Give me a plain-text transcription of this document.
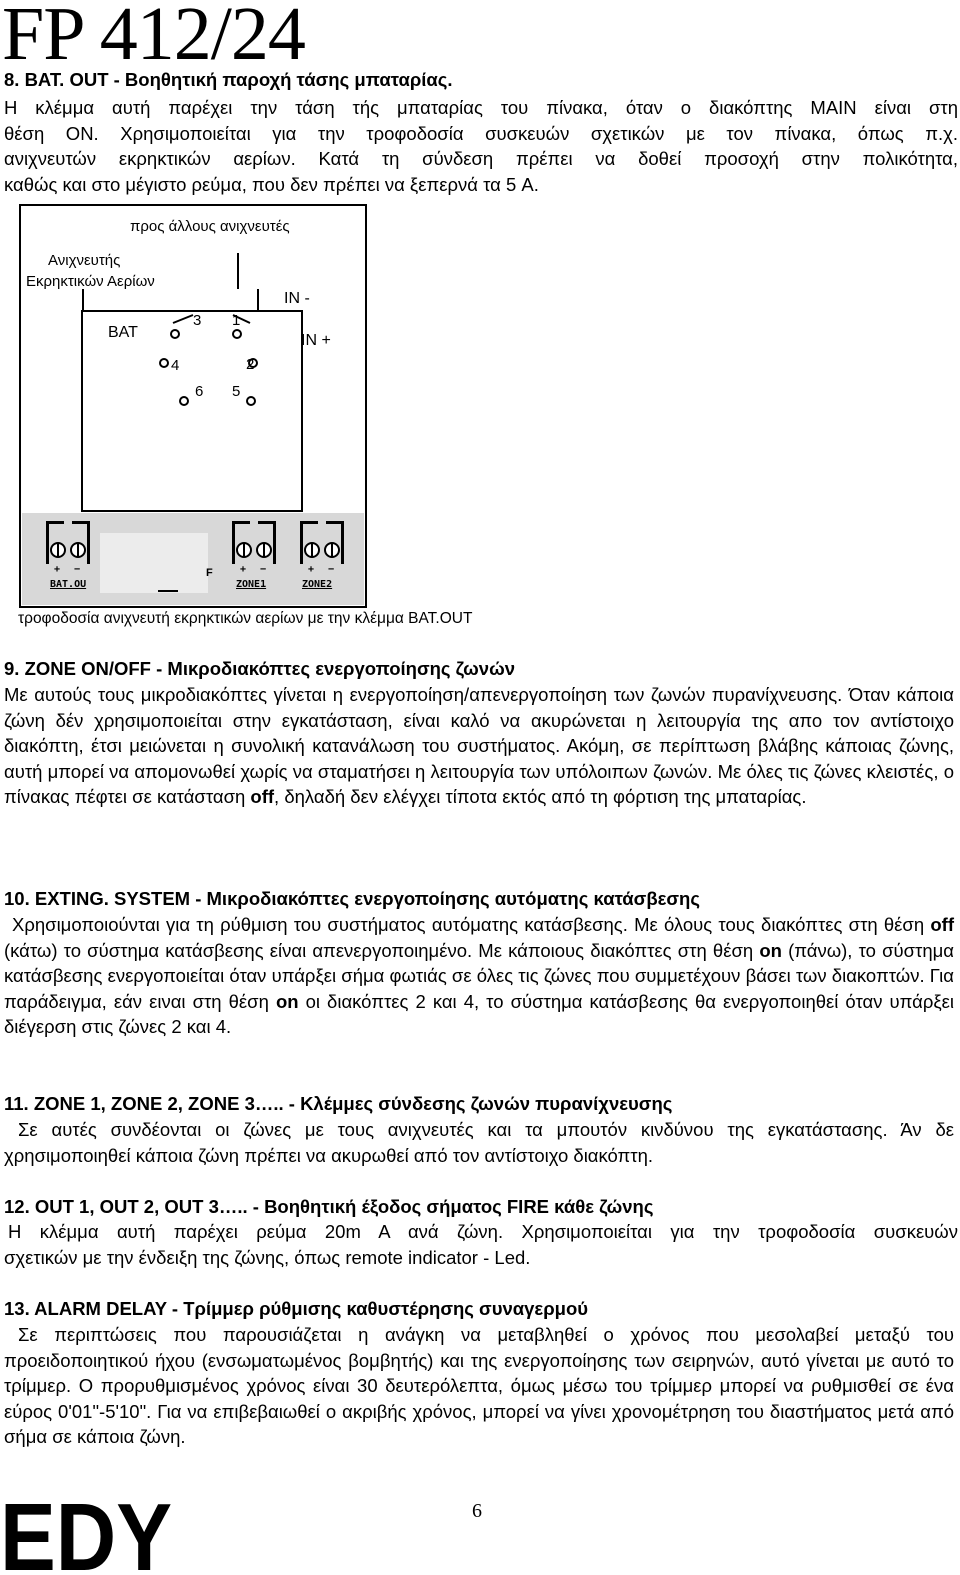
FP 412/24
8. BAT. OUT - Βοηθητική παροχή τάσης μπαταρίας.
Η κλέμμα αυτή παρέχει την τάση τής μπαταρίας του πίνακα, όταν ο διακόπτης MAIN είναι στη
θέση ON. Χρησιμοποιείται για την τροφοδοσία συσκευών σχετικών με τον πίνακα, όπως π.χ.
ανιχνευτών εκρηκτικών αερίων. Κατά τη σύνδεση πρέπει να δοθεί προσοχή στην πολικότητα,
καθώς και στο μέγιστο ρεύμα, που δεν πρέπει να ξεπερνά τα 5 A.
προς άλλους ανιχνευτές
Ανιχνευτής
Εκρηκτικών Αερίων
BAT
IN -
IN +
3 1
4	2
6 5
F
+ −
BAT.OU
+ −
ZONE1
+ −
ZONE2
τροφοδοσία ανιχνευτή εκρηκτικών αερίων με την κλέμμα BAT.OUT
9. ZONE ON/OFF - Μικροδιακόπτες ενεργοποίησης ζωνών

Με αυτούς τους μικροδιακόπτες γίνεται η ενεργοποίηση/απενεργοποίηση των ζωνών πυρανίχνευσης. Όταν κάποια ζώνη δέν χρησιμοποιείται στην εγκατάσταση, είναι καλό να ακυρώνεται η λειτουργία της απο τον αντίστοιχο διακόπτη, έτσι μειώνεται η συνολική κατανάλωση του συστήματος. Ακόμη, σε περίπτωση βλάβης κάποιας ζώνης, αυτή μπορεί να απομονωθεί χωρίς να σταματήσει η λειτουργία των υπόλοιπων ζωνών. Με όλες τις ζώνες κλειστές, ο πίνακας πέφτει σε κατάσταση off, δηλαδή δεν ελέγχει τίποτα εκτός από τη φόρτιση της μπαταρίας.

10. EXTING. SYSTEM - Μικροδιακόπτες ενεργοποίησης αυτόματης κατάσβεσης

Χρησιμοποιούνται για τη ρύθμιση του συστήματος αυτόματης κατάσβεσης. Με όλους τους διακόπτες στη θέση off (κάτω) το σύστημα κατάσβεσης είναι απενεργοποιημένο. Με κάποιους διακόπτες στη θέση on (πάνω), το σύστημα κατάσβεσης ενεργοποιείται όταν υπάρξει σήμα φωτιάς σε όλες τις ζώνες που συμμετέχουν βάσει των διακοπτών. Για παράδειγμα, εάν ειναι στη θέση on οι διακόπτες 2 και 4, το σύστημα κατάσβεσης θα ενεργοποιηθεί όταν υπάρξει διέγερση στις ζώνες 2 και 4.

11. ZONE 1, ZONE 2, ZONE 3….. - Κλέμμες σύνδεσης ζωνών πυρανίχνευσης

Σε αυτές συνδέονται οι ζώνες με τους ανιχνευτές και τα μπουτόν κινδύνου της εγκατάστασης. Άν δε χρησιμοποιηθεί κάποια ζώνη πρέπει να ακυρωθεί από τον αντίστοιχο διακόπτη.

12. OUT 1, OUT 2, OUT 3….. - Βοηθητική έξοδος σήματος FIRE κάθε ζώνης
Η κλέμμα αυτή παρέχει ρεύμα 20m A ανά ζώνη. Χρησιμοποιείται για την τροφοδοσία συσκευών
σχετικών με την ένδειξη της ζώνης, όπως remote indicator - Led.
13. ALARM DELAY - Τρίμμερ ρύθμισης καθυστέρησης συναγερμού

Σε περιπτώσεις που παρουσιάζεται η ανάγκη να μεταβληθεί ο χρόνος που μεσολαβεί μεταξύ του προειδοποιητικού ήχου (ενσωματωμένος βομβητής) και της ενεργοποίησης των σειρηνών, αυτό γίνεται με αυτό το τρίμμερ. Ο προρυθμισμένος χρόνος είναι 30 δευτερόλεπτα, όμως μέσω του τρίμμερ μπορεί να ρυθμισθεί σε ένα εύρος 0'01"-5'10". Για να επιβεβαιωθεί ο ακριβής χρόνος, μπορεί να γίνει χρονομέτρηση του διαστήματος μετά από σήμα σε κάποια ζώνη.

6
EDY
